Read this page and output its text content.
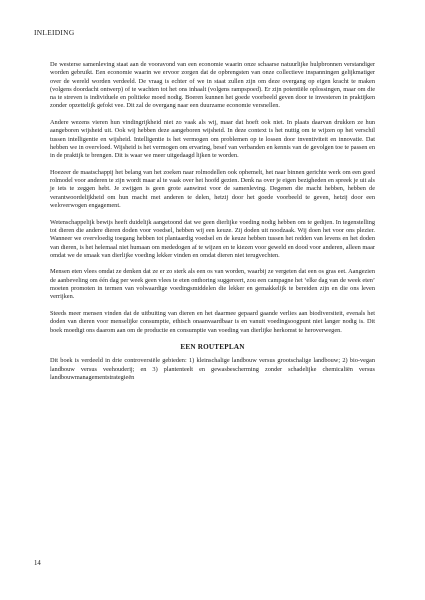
INLEIDING

De westerse samenleving staat aan de vooravond van een economie waarin onze schaarse natuurlijke hulpbronnen verstandiger worden gebruikt. Een economie waarin we ervoor zorgen dat de opbrengsten van onze collectieve inspanningen gelijkmatiger over de wereld worden verdeeld. De vraag is echter of we in staat zullen zijn om deze overgang op eigen kracht te maken (volgens doordacht ontwerp) of te wachten tot het ons inhaalt (volgens rampspoed). Er zijn potentiële oplossingen, maar om die na te streven is individuele en politieke moed nodig. Boeren kunnen het goede voorbeeld geven door te investeren in praktijken zonder opzettelijk gefokt vee. Dit zal de overgang naar een duurzame economie versnellen.

Andere wezens vieren hun vindingrijkheid niet zo vaak als wij, maar dat hoeft ook niet. In plaats daarvan drukken ze hun aangeboren wijsheid uit. Ook wij hebben deze aangeboren wijsheid. In deze context is het nuttig om te wijzen op het verschil tussen intelligentie en wijsheid. Intelligentie is het vermogen om problemen op te lossen door inventiviteit en innovatie. Dat hebben we in overvloed. Wijsheid is het vermogen om ervaring, besef van verbanden en kennis van de gevolgen toe te passen en in de praktijk te brengen. Dit is waar we meer uitgedaagd lijken te worden.

Hoezeer de maatschappij het belang van het zoeken naar rolmodellen ook ophemelt, het naar binnen gerichte werk om een goed rolmodel voor anderen te zijn wordt maar al te vaak over het hoofd gezien. Denk na over je eigen bezigheden en spreek je uit als je iets te zeggen hebt. Je zwijgen is geen grote aanwinst voor de samenleving. Degenen die macht hebben, hebben de verantwoordelijkheid om hun macht met anderen te delen, hetzij door het goede voorbeeld te geven, hetzij door een weloverwogen engagement.

Wetenschappelijk bewijs heeft duidelijk aangetoond dat we geen dierlijke voeding nodig hebben om te gedijen. In tegenstelling tot dieren die andere dieren doden voor voedsel, hebben wij een keuze. Zij doden uit noodzaak. Wij doen het voor ons plezier. Wanneer we overvloedig toegang hebben tot plantaardig voedsel en de keuze hebben tussen het redden van levens en het doden van dieren, is het helemaal niet humaan om mededogen af te wijzen en te kiezen voor geweld en dood voor anderen, alleen maar omdat we de smaak van dierlijke voeding lekker vinden en omdat dieren niet terugvechten.

Mensen eten vlees omdat ze denken dat ze er zo sterk als een os van worden, waarbij ze vergeten dat een os gras eet. Aangezien de aanbeveling om één dag per week geen vlees te eten onthoring suggereert, zou een campagne het ‘elke dag van de week eten’ moeten promoten in termen van volwaardige voedingsmiddelen die lekker en gemakkelijk te bereiden zijn en die ons leven verrijken.

Steeds meer mensen vinden dat de uitbuiting van dieren en het daarmee gepaard gaande verlies aan biodiversiteit, evenals het doden van dieren voor menselijke consumptie, ethisch onaanvaardbaar is en vanuit voedingsoogpunt niet langer nodig is. Dit boek moedigt ons daarom aan om de productie en consumptie van voeding van dierlijke herkomst te heroverwegen.

EEN ROUTEPLAN

Dit boek is verdeeld in drie controversiële gebieden: 1) kleinschalige landbouw versus grootschalige landbouw; 2) bio-vegan landbouw versus veehouderij; en 3) plantenteelt en gewasbescherming zonder schadelijke chemicaliën versus landbouwmanagementstrategieën

14
